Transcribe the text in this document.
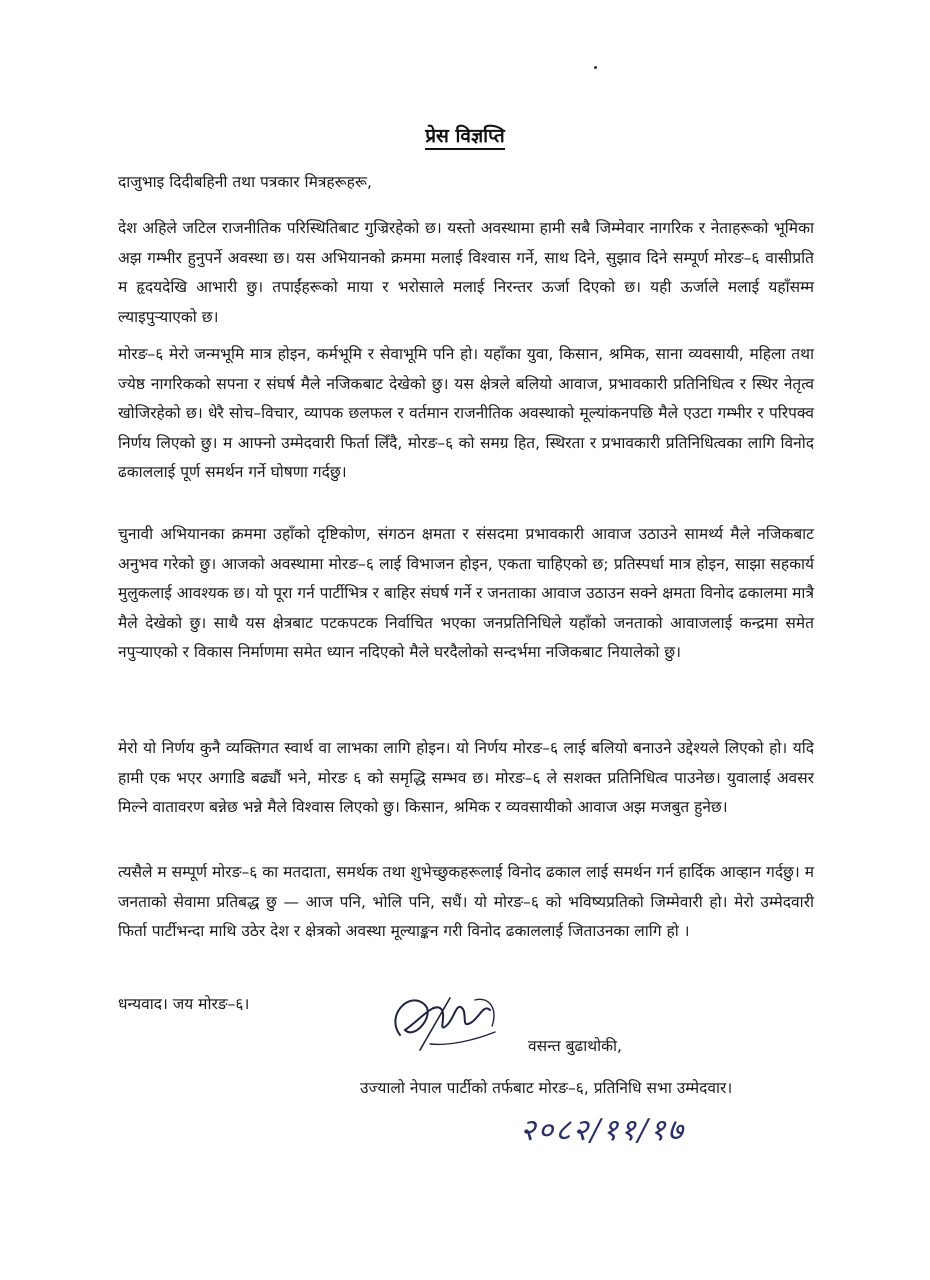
प्रेस विज्ञप्ति
दाजुभाइ दिदीबहिनी तथा पत्रकार मित्रहरूहरू,

देश अहिले जटिल राजनीतिक परिस्थितिबाट गुज्रिरहेको छ। यस्तो अवस्थामा हामी सबै जिम्मेवार नागरिक र नेताहरूको भूमिका अझ गम्भीर हुनुपर्ने अवस्था छ। यस अभियानको क्रममा मलाई विश्वास गर्ने, साथ दिने, सुझाव दिने सम्पूर्ण मोरङ–६ वासीप्रति म हृदयदेखि आभारी छु। तपाईंहरूको माया र भरोसाले मलाई निरन्तर ऊर्जा दिएको छ। यही ऊर्जाले मलाई यहाँसम्म ल्याइपुर्‍याएको छ।

मोरङ–६ मेरो जन्मभूमि मात्र होइन, कर्मभूमि र सेवाभूमि पनि हो। यहाँका युवा, किसान, श्रमिक, साना व्यवसायी, महिला तथा ज्येष्ठ नागरिकको सपना र संघर्ष मैले नजिकबाट देखेको छु। यस क्षेत्रले बलियो आवाज, प्रभावकारी प्रतिनिधित्व र स्थिर नेतृत्व खोजिरहेको छ। धेरै सोच–विचार, व्यापक छलफल र वर्तमान राजनीतिक अवस्थाको मूल्यांकनपछि मैले एउटा गम्भीर र परिपक्व निर्णय लिएको छु। म आफ्नो उम्मेदवारी फिर्ता लिँदै, मोरङ–६ को समग्र हित, स्थिरता र प्रभावकारी प्रतिनिधित्वका लागि विनोद ढकाललाई पूर्ण समर्थन गर्ने घोषणा गर्दछु।

चुनावी अभियानका क्रममा उहाँको दृष्टिकोण, संगठन क्षमता र संसदमा प्रभावकारी आवाज उठाउने सामर्थ्य मैले नजिकबाट अनुभव गरेको छु। आजको अवस्थामा मोरङ–६ लाई विभाजन होइन, एकता चाहिएको छ; प्रतिस्पर्धा मात्र होइन, साझा सहकार्य मुलुकलाई आवश्यक छ। यो पूरा गर्न पार्टीभित्र र बाहिर संघर्ष गर्ने र जनताका आवाज उठाउन सक्ने क्षमता विनोद ढकालमा मात्रै मैले देखेको छु। साथै यस क्षेत्रबाट पटकपटक निर्वाचित भएका जनप्रतिनिधिले यहाँको जनताको आवाजलाई कन्द्रमा समेत नपुर्‍याएको र विकास निर्माणमा समेत ध्यान नदिएको मैले घरदैलोको सन्दर्भमा नजिकबाट नियालेको छु।

मेरो यो निर्णय कुनै व्यक्तिगत स्वार्थ वा लाभका लागि होइन। यो निर्णय मोरङ–६ लाई बलियो बनाउने उद्देश्यले लिएको हो। यदि हामी एक भएर अगाडि बढ्यौं भने, मोरङ ६ को समृद्धि सम्भव छ। मोरङ–६ ले सशक्त प्रतिनिधित्व पाउनेछ। युवालाई अवसर मिल्ने वातावरण बन्नेछ भन्ने मैले विश्वास लिएको छु। किसान, श्रमिक र व्यवसायीको आवाज अझ मजबुत हुनेछ।

त्यसैले म सम्पूर्ण मोरङ–६ का मतदाता, समर्थक तथा शुभेच्छुकहरूलाई विनोद ढकाल लाई समर्थन गर्न हार्दिक आव्हान गर्दछु। म जनताको सेवामा प्रतिबद्ध छु — आज पनि, भोलि पनि, सधैं। यो मोरङ–६ को भविष्यप्रतिको जिम्मेवारी हो। मेरो उम्मेदवारी फिर्ता पार्टीभन्दा माथि उठेर देश र क्षेत्रको अवस्था मूल्याङ्कन गरी विनोद ढकाललाई जिताउनका लागि हो ।

धन्यवाद। जय मोरङ–६।
वसन्त बुढाथोकी,
उज्यालो नेपाल पार्टीको तर्फबाट मोरङ–६, प्रतिनिधि सभा उम्मेदवार।
२०८२/११/१७
